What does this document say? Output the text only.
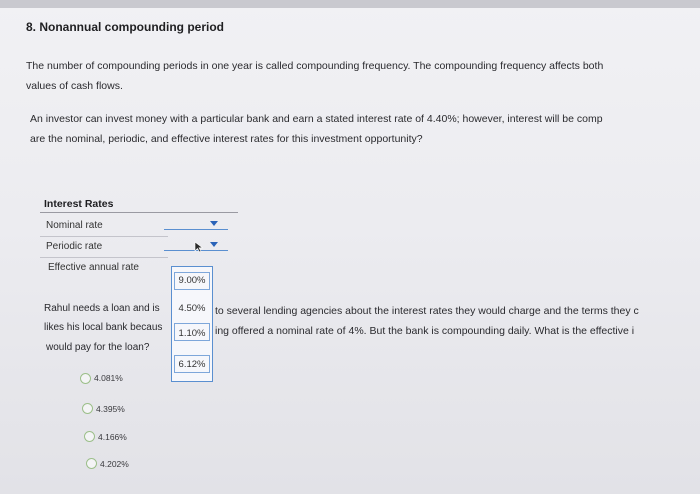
8. Nonannual compounding period
The number of compounding periods in one year is called compounding frequency. The compounding frequency affects both
values of cash flows.
An investor can invest money with a particular bank and earn a stated interest rate of 4.40%; however, interest will be comp
are the nominal, periodic, and effective interest rates for this investment opportunity?
Interest Rates
Nominal rate
Periodic rate
Effective annual rate
9.00%
4.50%
1.10%
6.12%
Rahul needs a loan and is	to several lending agencies about the interest rates they would charge and the terms they c
likes his local bank becaus	ing offered a nominal rate of 4%. But the bank is compounding daily. What is the effective i
would pay for the loan?
4.081%
4.395%
4.166%
4.202%
